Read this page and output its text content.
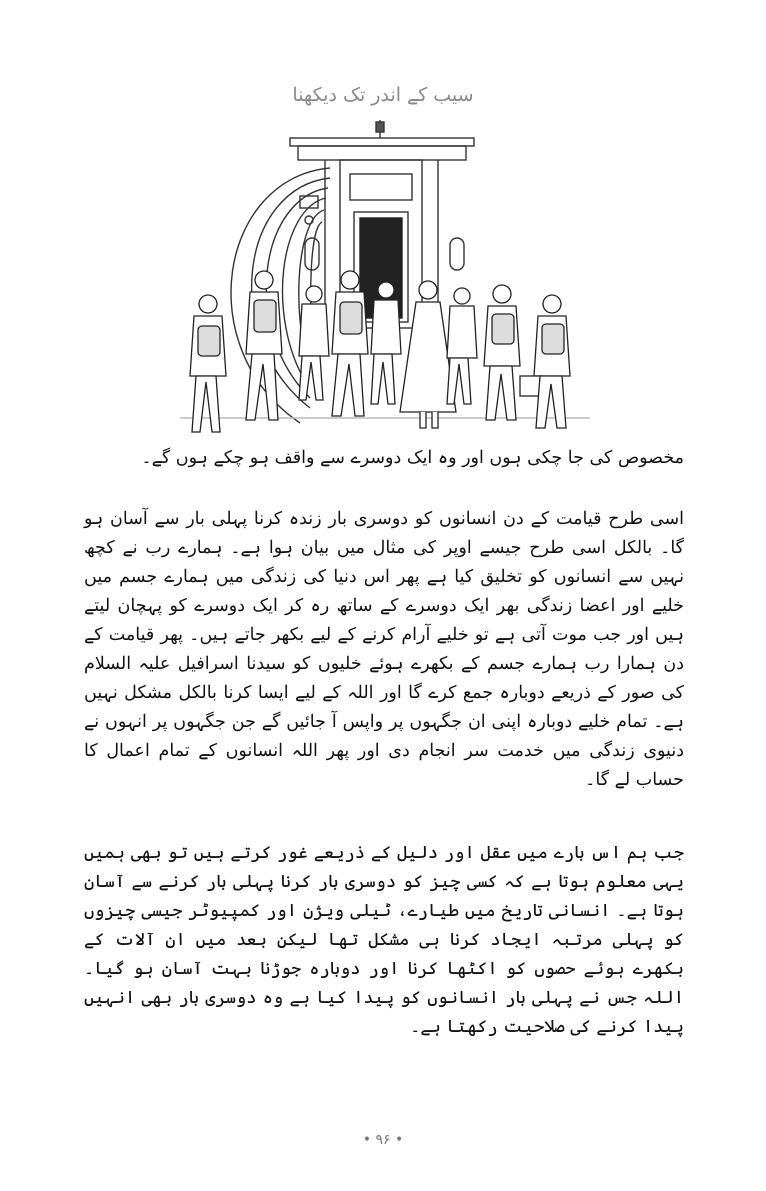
سیب کے اندر تک دیکھنا

مخصوص کی جا چکی ہوں اور وہ ایک دوسرے سے واقف ہو چکے ہوں گے۔

اسی طرح قیامت کے دن انسانوں کو دوسری بار زندہ کرنا پہلی بار سے آسان ہو گا۔ بالکل اسی طرح جیسے اوپر کی مثال میں بیان ہوا ہے۔ ہمارے رب نے کچھ نہیں سے انسانوں کو تخلیق کیا ہے پھر اس دنیا کی زندگی میں ہمارے جسم میں خلیے اور اعضا زندگی بھر ایک دوسرے کے ساتھ رہ کر ایک دوسرے کو پہچان لیتے ہیں اور جب موت آتی ہے تو خلیے آرام کرنے کے لیے بکھر جاتے ہیں۔ پھر قیامت کے دن ہمارا رب ہمارے جسم کے بکھرے ہوئے خلیوں کو سیدنا اسرافیل علیہ السلام کی صور کے ذریعے دوبارہ جمع کرے گا اور اللہ کے لیے ایسا کرنا بالکل مشکل نہیں ہے۔ تمام خلیے دوبارہ اپنی ان جگہوں پر واپس آ جائیں گے جن جگہوں پر انہوں نے دنیوی زندگی میں خدمت سر انجام دی اور پھر اللہ انسانوں کے تمام اعمال کا حساب لے گا۔

جب ہم اس بارے میں عقل اور دلیل کے ذریعے غور کرتے ہیں تو بھی ہمیں یہی معلوم ہوتا ہے کہ کسی چیز کو دوسری بار کرنا پہلی بار کرنے سے آسان ہوتا ہے۔ انسانی تاریخ میں طیارے، ٹیلی ویژن اور کمپیوٹر جیسی چیزوں کو پہلی مرتبہ ایجاد کرنا ہی مشکل تھا لیکن بعد میں ان آلات کے بکھرے ہوئے حصوں کو اکٹھا کرنا اور دوبارہ جوڑنا بہت آسان ہو گیا۔ اللہ جس نے پہلی بار انسانوں کو پیدا کیا ہے وہ دوسری بار بھی انہیں پیدا کرنے کی صلاحیت رکھتا ہے۔

• ۹۶ •
